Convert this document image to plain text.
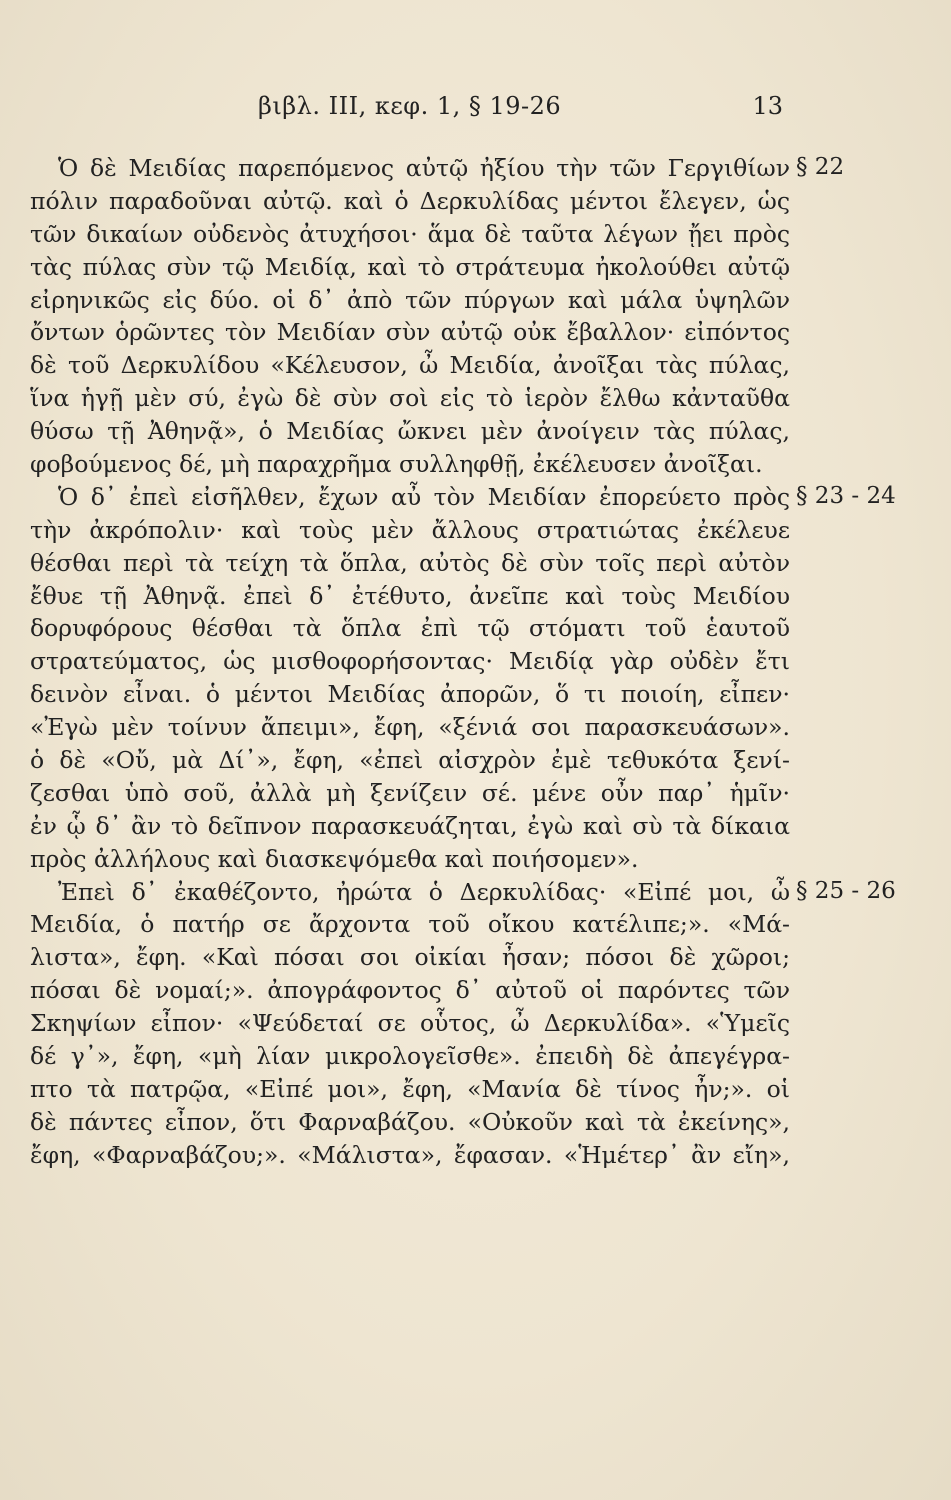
βιβλ. III, κεφ. 1, § 19-26	13
Ὁ δὲ Μειδίας παρεπόμενος αὐτῷ ἠξίου τὴν τῶν Γεργιθίων
πόλιν παραδοῦναι αὐτῷ. καὶ ὁ Δερκυλίδας μέντοι ἔλεγεν, ὡς
τῶν δικαίων οὐδενὸς ἀτυχήσοι· ἅμα δὲ ταῦτα λέγων ᾔει πρὸς
τὰς πύλας σὺν τῷ Μειδίᾳ, καὶ τὸ στράτευμα ἠκολούθει αὐτῷ
εἰρηνικῶς εἰς δύο. οἱ δ᾽ ἀπὸ τῶν πύργων καὶ μάλα ὑψηλῶν
ὄντων ὁρῶντες τὸν Μειδίαν σὺν αὐτῷ οὐκ ἔβαλλον· εἰπόντος
δὲ τοῦ Δερκυλίδου «Κέλευσον, ὦ Μειδία, ἀνοῖξαι τὰς πύλας,
ἵνα ἡγῇ μὲν σύ, ἐγὼ δὲ σὺν σοὶ εἰς τὸ ἱερὸν ἔλθω κἀνταῦθα
θύσω τῇ Ἀθηνᾷ», ὁ Μειδίας ὤκνει μὲν ἀνοίγειν τὰς πύλας,
φοβούμενος δέ, μὴ παραχρῆμα συλληφθῇ, ἐκέλευσεν ἀνοῖξαι.
Ὁ δ᾽ ἐπεὶ εἰσῆλθεν, ἔχων αὖ τὸν Μειδίαν ἐπορεύετο πρὸς
τὴν ἀκρόπολιν· καὶ τοὺς μὲν ἄλλους στρατιώτας ἐκέλευε
θέσθαι περὶ τὰ τείχη τὰ ὅπλα, αὐτὸς δὲ σὺν τοῖς περὶ αὐτὸν
ἔθυε τῇ Ἀθηνᾷ. ἐπεὶ δ᾽ ἐτέθυτο, ἀνεῖπε καὶ τοὺς Μειδίου
δορυφόρους θέσθαι τὰ ὅπλα ἐπὶ τῷ στόματι τοῦ ἑαυτοῦ
στρατεύματος, ὡς μισθοφορήσοντας· Μειδίᾳ γὰρ οὐδὲν ἔτι
δεινὸν εἶναι. ὁ μέντοι Μειδίας ἀπορῶν, ὅ τι ποιοίη, εἶπεν·
«Ἐγὼ μὲν τοίνυν ἄπειμι», ἔφη, «ξένιά σοι παρασκευάσων».
ὁ δὲ «Οὔ, μὰ Δί᾽», ἔφη, «ἐπεὶ αἰσχρὸν ἐμὲ τεθυκότα ξενί-
ζεσθαι ὑπὸ σοῦ, ἀλλὰ μὴ ξενίζειν σέ. μένε οὖν παρ᾽ ἡμῖν·
ἐν ᾧ δ᾽ ἂν τὸ δεῖπνον παρασκευάζηται, ἐγὼ καὶ σὺ τὰ δίκαια
πρὸς ἀλλήλους καὶ διασκεψόμεθα καὶ ποιήσομεν».
Ἐπεὶ δ᾽ ἐκαθέζοντο, ἠρώτα ὁ Δερκυλίδας· «Εἰπέ μοι, ὦ
Μειδία, ὁ πατήρ σε ἄρχοντα τοῦ οἴκου κατέλιπε;». «Μά-
λιστα», ἔφη. «Καὶ πόσαι σοι οἰκίαι ἦσαν; πόσοι δὲ χῶροι;
πόσαι δὲ νομαί;». ἀπογράφοντος δ᾽ αὐτοῦ οἱ παρόντες τῶν
Σκηψίων εἶπον· «Ψεύδεταί σε οὗτος, ὦ Δερκυλίδα». «Ὑμεῖς
δέ γ᾽», ἔφη, «μὴ λίαν μικρολογεῖσθε». ἐπειδὴ δὲ ἀπεγέγρα-
πτο τὰ πατρῷα, «Εἰπέ μοι», ἔφη, «Μανία δὲ τίνος ἦν;». οἱ
δὲ πάντες εἶπον, ὅτι Φαρναβάζου. «Οὐκοῦν καὶ τὰ ἐκείνης»,
ἔφη, «Φαρναβάζου;». «Μάλιστα», ἔφασαν. «Ἡμέτερ᾽ ἂν εἴη»,
§ 22
§ 23 - 24
§ 25 - 26
